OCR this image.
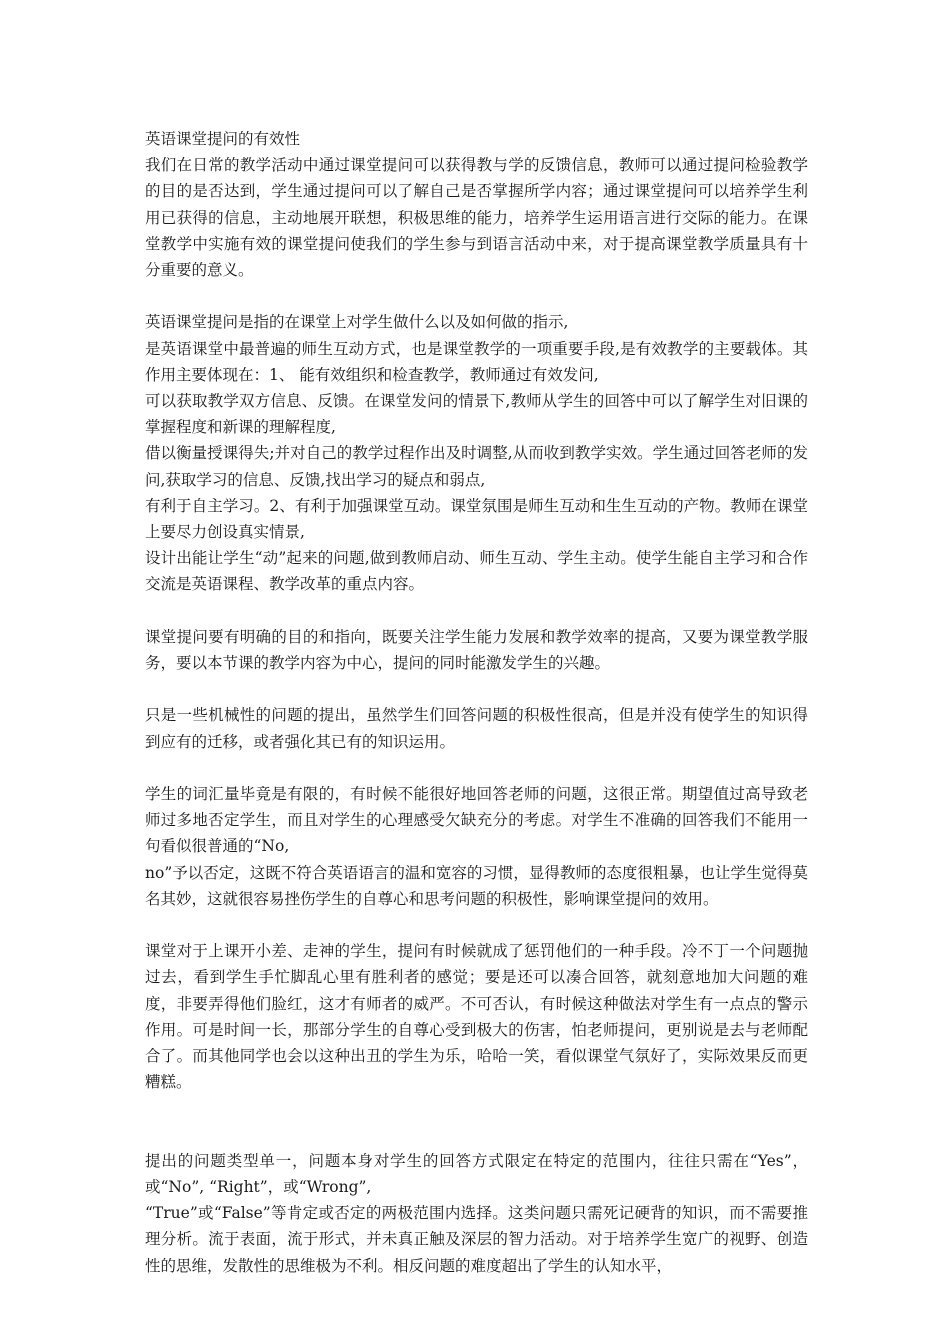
英语课堂提问的有效性
我们在日常的教学活动中通过课堂提问可以获得教与学的反馈信息，教师可以通过提问检验教学的目的是否达到，学生通过提问可以了解自己是否掌握所学内容；通过课堂提问可以培养学生利用已获得的信息，主动地展开联想，积极思维的能力，培养学生运用语言进行交际的能力。在课堂教学中实施有效的课堂提问使我们的学生参与到语言活动中来，对于提高课堂教学质量具有十分重要的意义。
英语课堂提问是指的在课堂上对学生做什么以及如何做的指示,
是英语课堂中最普遍的师生互动方式，也是课堂教学的一项重要手段,是有效教学的主要载体。其作用主要体现在：1、 能有效组织和检查教学，教师通过有效发问,
可以获取教学双方信息、反馈。在课堂发问的情景下,教师从学生的回答中可以了解学生对旧课的掌握程度和新课的理解程度,
借以衡量授课得失;并对自己的教学过程作出及时调整,从而收到教学实效。学生通过回答老师的发问,获取学习的信息、反馈,找出学习的疑点和弱点,
有利于自主学习。2、有利于加强课堂互动。课堂氛围是师生互动和生生互动的产物。教师在课堂上要尽力创设真实情景,
设计出能让学生“动”起来的问题,做到教师启动、师生互动、学生主动。使学生能自主学习和合作交流是英语课程、教学改革的重点内容。
课堂提问要有明确的目的和指向，既要关注学生能力发展和教学效率的提高，又要为课堂教学服务，要以本节课的教学内容为中心，提问的同时能激发学生的兴趣。
只是一些机械性的问题的提出，虽然学生们回答问题的积极性很高，但是并没有使学生的知识得到应有的迁移，或者强化其已有的知识运用。
学生的词汇量毕竟是有限的，有时候不能很好地回答老师的问题，这很正常。期望值过高导致老师过多地否定学生，而且对学生的心理感受欠缺充分的考虑。对学生不准确的回答我们不能用一句看似很普通的“No,
no”予以否定，这既不符合英语语言的温和宽容的习惯，显得教师的态度很粗暴，也让学生觉得莫名其妙，这就很容易挫伤学生的自尊心和思考问题的积极性，影响课堂提问的效用。
课堂对于上课开小差、走神的学生，提问有时候就成了惩罚他们的一种手段。冷不丁一个问题抛过去，看到学生手忙脚乱心里有胜利者的感觉；要是还可以凑合回答，就刻意地加大问题的难度，非要弄得他们脸红，这才有师者的威严。不可否认，有时候这种做法对学生有一点点的警示作用。可是时间一长，那部分学生的自尊心受到极大的伤害，怕老师提问，更别说是去与老师配合了。而其他同学也会以这种出丑的学生为乐，哈哈一笑，看似课堂气氛好了，实际效果反而更糟糕。
提出的问题类型单一，问题本身对学生的回答方式限定在特定的范围内，往往只需在“Yes”，或“No”, “Right”，或“Wrong”,
“True”或“False”等肯定或否定的两极范围内选择。这类问题只需死记硬背的知识，而不需要推理分析。流于表面，流于形式，并未真正触及深层的智力活动。对于培养学生宽广的视野、创造性的思维，发散性的思维极为不利。相反问题的难度超出了学生的认知水平，
